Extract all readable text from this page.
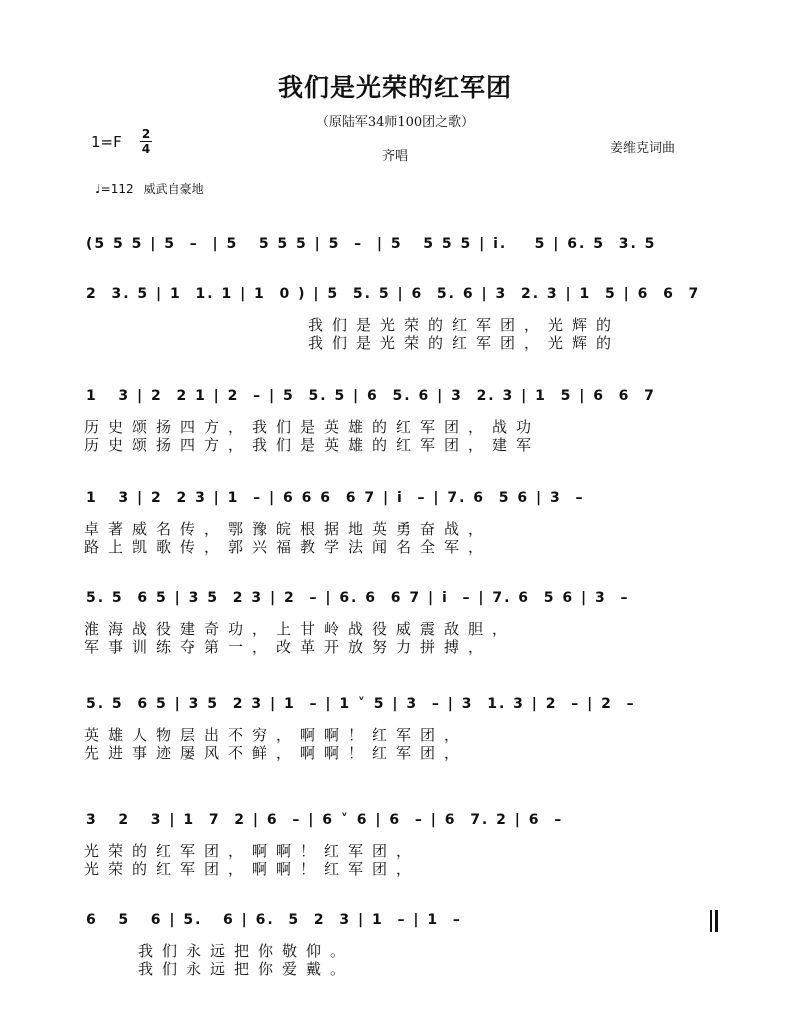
我们是光荣的红军团
（原陆军34师100团之歌）
1=F 2
4	齐唱
姜维克词曲
♩=112 威武自豪地
(5 5 5 | 5  –  | 5   5 5 5 | 5  –  | 5   5 5 5 | i.    5 | 6. 5  3. 5
2  3. 5 | 1  1. 1 | 1  0 ) | 5  5. 5 | 6  5. 6 | 3  2. 3 | 1  5 | 6  6  7
我们是光荣的红军团，光辉的
我们是光荣的红军团，光辉的
1   3 | 2  2 1 | 2  – | 5  5. 5 | 6  5. 6 | 3  2. 3 | 1  5 | 6  6  7
历史颂扬四方，我们是英雄的红军团，战功
历史颂扬四方，我们是英雄的红军团，建军
1   3 | 2  2 3 | 1  – | 6 6 6  6 7 | i  – | 7. 6  5 6 | 3  –
卓著威名传，鄂豫皖根据地英勇奋战，
路上凯歌传，郭兴福教学法闻名全军，
5. 5  6 5 | 3 5  2 3 | 2  – | 6. 6  6 7 | i  – | 7. 6  5 6 | 3  –
淮海战役建奇功，上甘岭战役威震敌胆，
军事训练夺第一，改革开放努力拼搏，
5. 5  6 5 | 3 5  2 3 | 1  – | 1 ˅ 5 | 3  – | 3  1. 3 | 2  – | 2  –
英雄人物层出不穷，啊啊！红军团，
先进事迹屡风不鲜，啊啊！红军团，
3   2   3 | 1  7  2 | 6  – | 6 ˅ 6 | 6  – | 6  7. 2 | 6  –
光荣的红军团，啊啊！红军团，
光荣的红军团，啊啊！红军团，
6   5   6 | 5.   6 | 6.  5  2  3 | 1  – | 1  –
我们永远把你敬仰。
我们永远把你爱戴。
